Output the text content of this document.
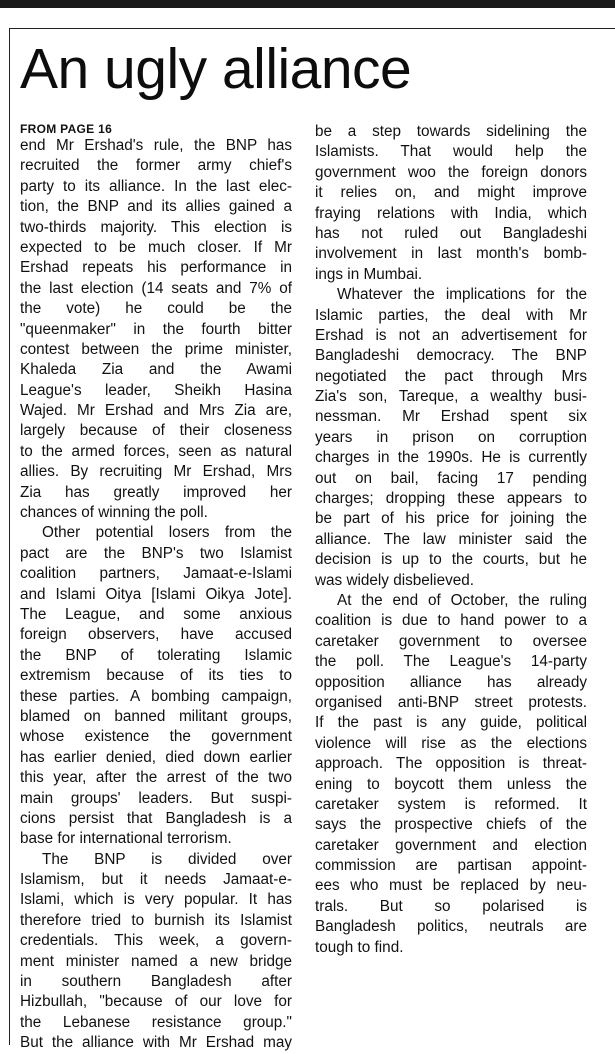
An ugly alliance
FROM PAGE 16
end Mr Ershad's rule, the BNP has
recruited the former army chief's
party to its alliance. In the last elec-
tion, the BNP and its allies gained a
two-thirds majority. This election is
expected to be much closer. If Mr
Ershad repeats his performance in
the last election (14 seats and 7% of
the vote) he could be the
"queenmaker" in the fourth bitter
contest between the prime minister,
Khaleda Zia and the Awami
League's leader, Sheikh Hasina
Wajed. Mr Ershad and Mrs Zia are,
largely because of their closeness
to the armed forces, seen as natural
allies. By recruiting Mr Ershad, Mrs
Zia has greatly improved her
chances of winning the poll.
Other potential losers from the
pact are the BNP's two Islamist
coalition partners, Jamaat-e-Islami
and Islami Oitya [Islami Oikya Jote].
The League, and some anxious
foreign observers, have accused
the BNP of tolerating Islamic
extremism because of its ties to
these parties. A bombing campaign,
blamed on banned militant groups,
whose existence the government
has earlier denied, died down earlier
this year, after the arrest of the two
main groups' leaders. But suspi-
cions persist that Bangladesh is a
base for international terrorism.
The BNP is divided over
Islamism, but it needs Jamaat-e-
Islami, which is very popular. It has
therefore tried to burnish its Islamist
credentials. This week, a govern-
ment minister named a new bridge
in southern Bangladesh after
Hizbullah, "because of our love for
the Lebanese resistance group."
But the alliance with Mr Ershad may
be a step towards sidelining the
Islamists. That would help the
government woo the foreign donors
it relies on, and might improve
fraying relations with India, which
has not ruled out Bangladeshi
involvement in last month's bomb-
ings in Mumbai.
Whatever the implications for the
Islamic parties, the deal with Mr
Ershad is not an advertisement for
Bangladeshi democracy. The BNP
negotiated the pact through Mrs
Zia's son, Tareque, a wealthy busi-
nessman. Mr Ershad spent six
years in prison on corruption
charges in the 1990s. He is currently
out on bail, facing 17 pending
charges; dropping these appears to
be part of his price for joining the
alliance. The law minister said the
decision is up to the courts, but he
was widely disbelieved.
At the end of October, the ruling
coalition is due to hand power to a
caretaker government to oversee
the poll. The League's 14-party
opposition alliance has already
organised anti-BNP street protests.
If the past is any guide, political
violence will rise as the elections
approach. The opposition is threat-
ening to boycott them unless the
caretaker system is reformed. It
says the prospective chiefs of the
caretaker government and election
commission are partisan appoint-
ees who must be replaced by neu-
trals. But so polarised is
Bangladesh politics, neutrals are
tough to find.
